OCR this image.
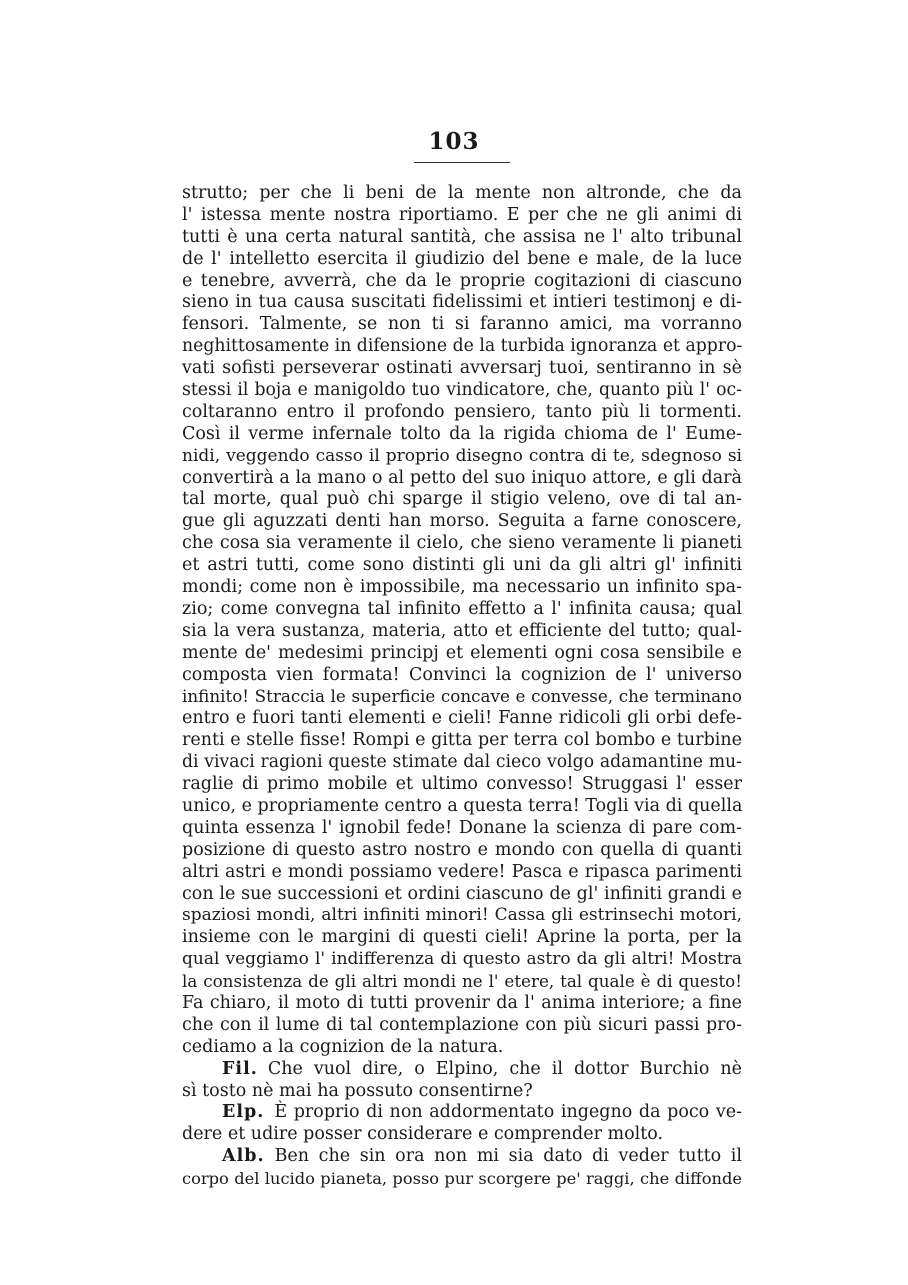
103
strutto; per che li beni de la mente non altronde, che da
l' istessa mente nostra riportiamo. E per che ne gli animi di
tutti è una certa natural santità, che assisa ne l' alto tribunal
de l' intelletto esercita il giudizio del bene e male, de la luce
e tenebre, avverrà, che da le proprie cogitazioni di ciascuno
sieno in tua causa suscitati fidelissimi et intieri testimonj e di-
fensori. Talmente, se non ti si faranno amici, ma vorranno
neghittosamente in difensione de la turbida ignoranza et appro-
vati sofisti perseverar ostinati avversarj tuoi, sentiranno in sè
stessi il boja e manigoldo tuo vindicatore, che, quanto più l' oc-
coltaranno entro il profondo pensiero, tanto più li tormenti.
Così il verme infernale tolto da la rigida chioma de l' Eume-
nidi, veggendo casso il proprio disegno contra di te, sdegnoso si
convertirà a la mano o al petto del suo iniquo attore, e gli darà
tal morte, qual può chi sparge il stigio veleno, ove di tal an-
gue gli aguzzati denti han morso. Seguita a farne conoscere,
che cosa sia veramente il cielo, che sieno veramente li pianeti
et astri tutti, come sono distinti gli uni da gli altri gl' infiniti
mondi; come non è impossibile, ma necessario un infinito spa-
zio; come convegna tal infinito effetto a l' infinita causa; qual
sia la vera sustanza, materia, atto et efficiente del tutto; qual-
mente de' medesimi principj et elementi ogni cosa sensibile e
composta vien formata! Convinci la cognizion de l' universo
infinito! Straccia le superficie concave e convesse, che terminano
entro e fuori tanti elementi e cieli! Fanne ridicoli gli orbi defe-
renti e stelle fisse! Rompi e gitta per terra col bombo e turbine
di vivaci ragioni queste stimate dal cieco volgo adamantine mu-
raglie di primo mobile et ultimo convesso! Struggasi l' esser
unico, e propriamente centro a questa terra! Togli via di quella
quinta essenza l' ignobil fede! Donane la scienza di pare com-
posizione di questo astro nostro e mondo con quella di quanti
altri astri e mondi possiamo vedere! Pasca e ripasca parimenti
con le sue successioni et ordini ciascuno de gl' infiniti grandi e
spaziosi mondi, altri infiniti minori! Cassa gli estrinsechi motori,
insieme con le margini di questi cieli! Aprine la porta, per la
qual veggiamo l' indifferenza di questo astro da gli altri! Mostra
la consistenza de gli altri mondi ne l' etere, tal quale è di questo!
Fa chiaro, il moto di tutti provenir da l' anima interiore; a fine
che con il lume di tal contemplazione con più sicuri passi pro-
cediamo a la cognizion de la natura.
Fil. Che vuol dire, o Elpino, che il dottor Burchio nè
sì tosto nè mai ha possuto consentirne?
Elp. È proprio di non addormentato ingegno da poco ve-
dere et udire posser considerare e comprender molto.
Alb. Ben che sin ora non mi sia dato di veder tutto il
corpo del lucido pianeta, posso pur scorgere pe' raggi, che diffonde
